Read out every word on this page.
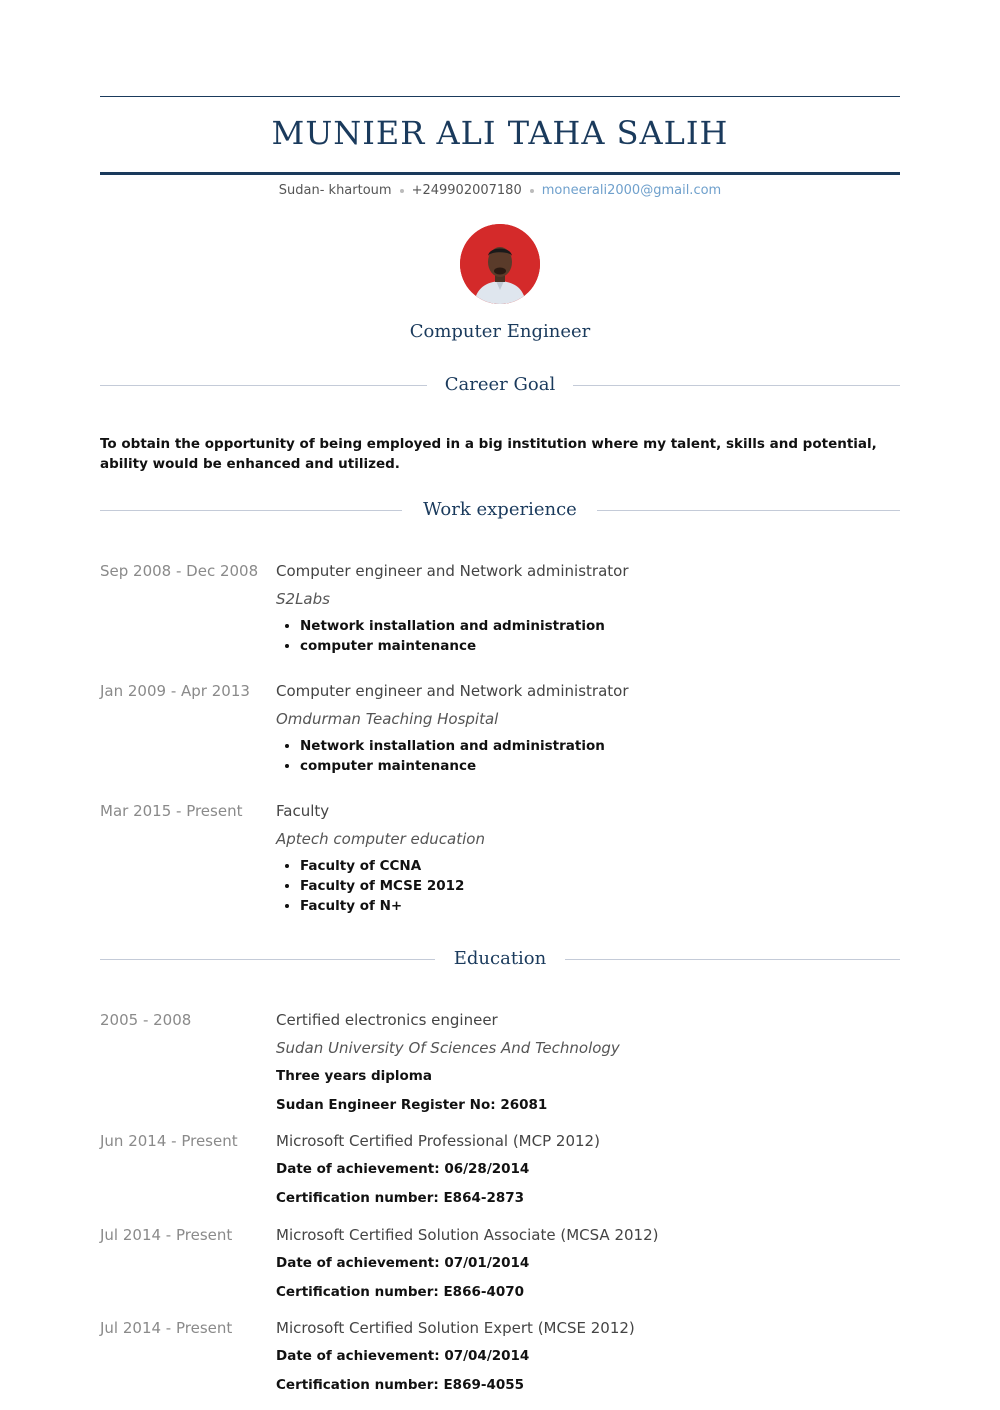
MUNIER ALI TAHA SALIH
Sudan- khartoum +249902007180 moneerali2000@gmail.com
Computer Engineer
Career Goal
To obtain the opportunity of being employed in a big institution where my talent, skills and potential, ability would be enhanced and utilized.
Work experience
Sep 2008 - Dec 2008	Computer engineer and Network administrator
S2Labs
• Network installation and administration
• computer maintenance
Jan 2009 - Apr 2013	Computer engineer and Network administrator
Omdurman Teaching Hospital
• Network installation and administration
• computer maintenance
Mar 2015 - Present	Faculty
Aptech computer education
• Faculty of CCNA
• Faculty of MCSE 2012
• Faculty of N+
Education
2005 - 2008	Certified electronics engineer
Sudan University Of Sciences And Technology
Three years diploma
Sudan Engineer Register No: 26081
Jun 2014 - Present	Microsoft Certified Professional (MCP 2012)
Date of achievement: 06/28/2014
Certification number: E864-2873
Jul 2014 - Present	Microsoft Certified Solution Associate (MCSA 2012)
Date of achievement: 07/01/2014
Certification number: E866-4070
Jul 2014 - Present	Microsoft Certified Solution Expert (MCSE 2012)
Date of achievement: 07/04/2014
Certification number: E869-4055
